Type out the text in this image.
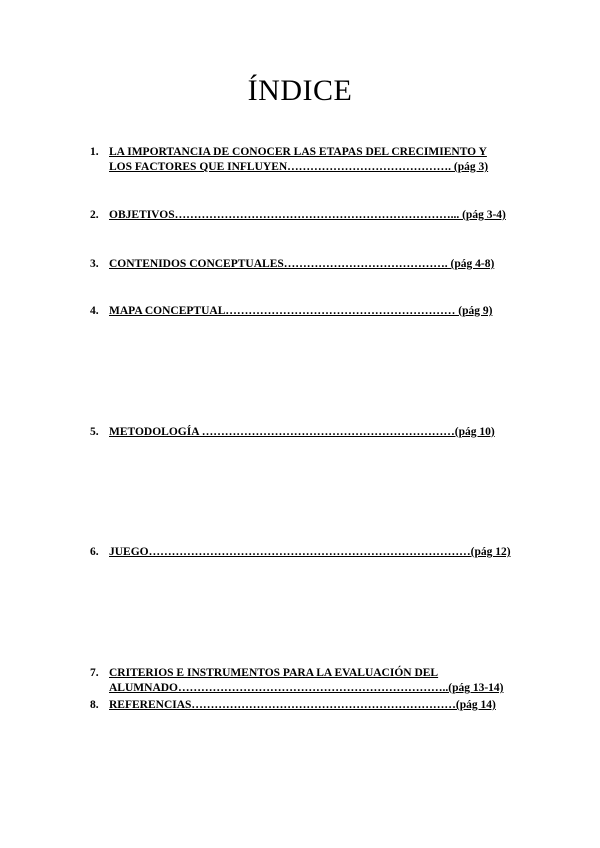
ÍNDICE
1. LA IMPORTANCIA DE CONOCER LAS ETAPAS DEL CRECIMIENTO Y
LOS FACTORES QUE INFLUYEN……………………………………. (pág 3)
2. OBJETIVOS………………………………………………………………... (pág 3-4)
3. CONTENIDOS CONCEPTUALES……………………………………. (pág 4-8)
4. MAPA CONCEPTUAL…………………………………………………… (pág 9)
5. METODOLOGÍA …………………………………………………………(pág 10)
6. JUEGO…………………………………………………………………………(pág 12)
7. CRITERIOS E INSTRUMENTOS PARA LA EVALUACIÓN DEL
ALUMNADO……………………………………………………………..(pág 13-14)
8. REFERENCIAS……………………………………………………………(pág 14)
